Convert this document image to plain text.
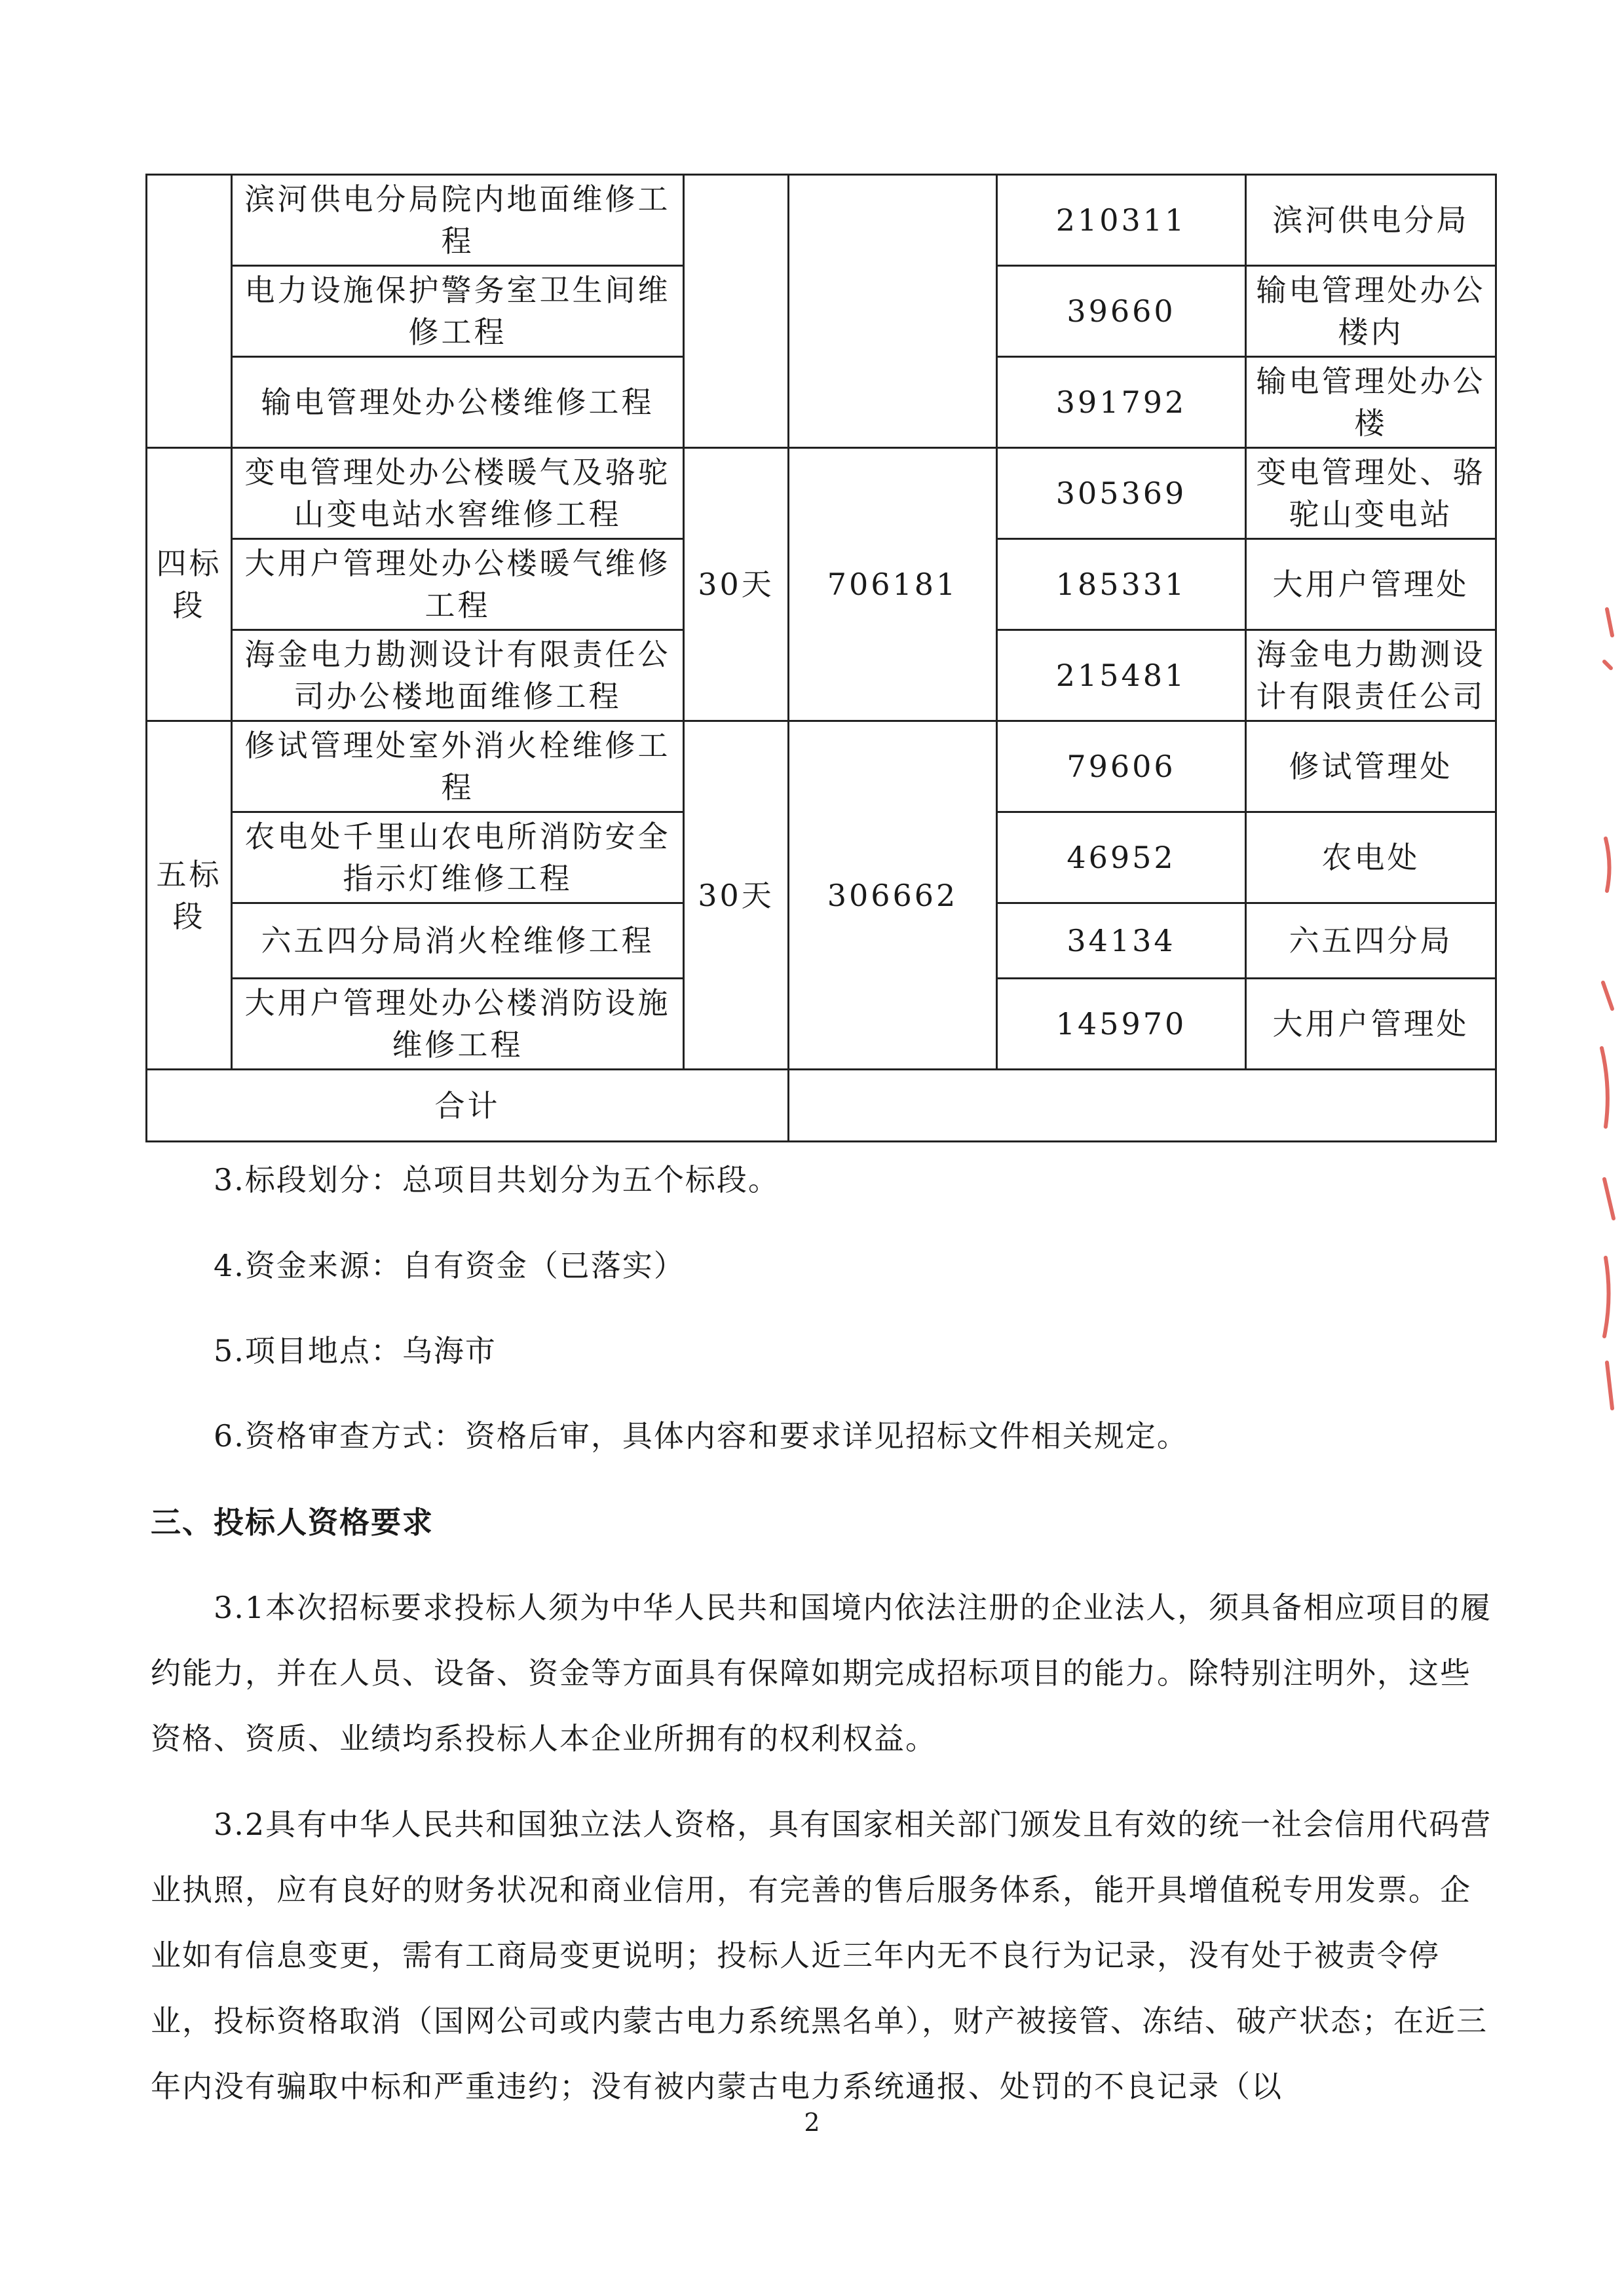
	滨河供电分局院内地面维修工程			210311	滨河供电分局
	电力设施保护警务室卫生间维修工程			39660	输电管理处办公楼内
	输电管理处办公楼维修工程			391792	输电管理处办公楼
四标段	变电管理处办公楼暖气及骆驼山变电站水窖维修工程	30天	706181	305369	变电管理处、骆驼山变电站
	大用户管理处办公楼暖气维修工程			185331	大用户管理处
	海金电力勘测设计有限责任公司办公楼地面维修工程			215481	海金电力勘测设计有限责任公司
五标段	修试管理处室外消火栓维修工程	30天	306662	79606	修试管理处
	农电处千里山农电所消防安全指示灯维修工程			46952	农电处
	六五四分局消火栓维修工程			34134	六五四分局
	大用户管理处办公楼消防设施维修工程			145970	大用户管理处
合计					
3.标段划分：总项目共划分为五个标段。
4.资金来源：自有资金（已落实）
5.项目地点：乌海市
6.资格审查方式：资格后审，具体内容和要求详见招标文件相关规定。
三、投标人资格要求
3.1本次招标要求投标人须为中华人民共和国境内依法注册的企业法人，须具备相应项目的履约能力，并在人员、设备、资金等方面具有保障如期完成招标项目的能力。除特别注明外，这些资格、资质、业绩均系投标人本企业所拥有的权利权益。
3.2具有中华人民共和国独立法人资格，具有国家相关部门颁发且有效的统一社会信用代码营业执照，应有良好的财务状况和商业信用，有完善的售后服务体系，能开具增值税专用发票。企业如有信息变更，需有工商局变更说明；投标人近三年内无不良行为记录，没有处于被责令停业，投标资格取消（国网公司或内蒙古电力系统黑名单），财产被接管、冻结、破产状态；在近三年内没有骗取中标和严重违约；没有被内蒙古电力系统通报、处罚的不良记录（以
2
